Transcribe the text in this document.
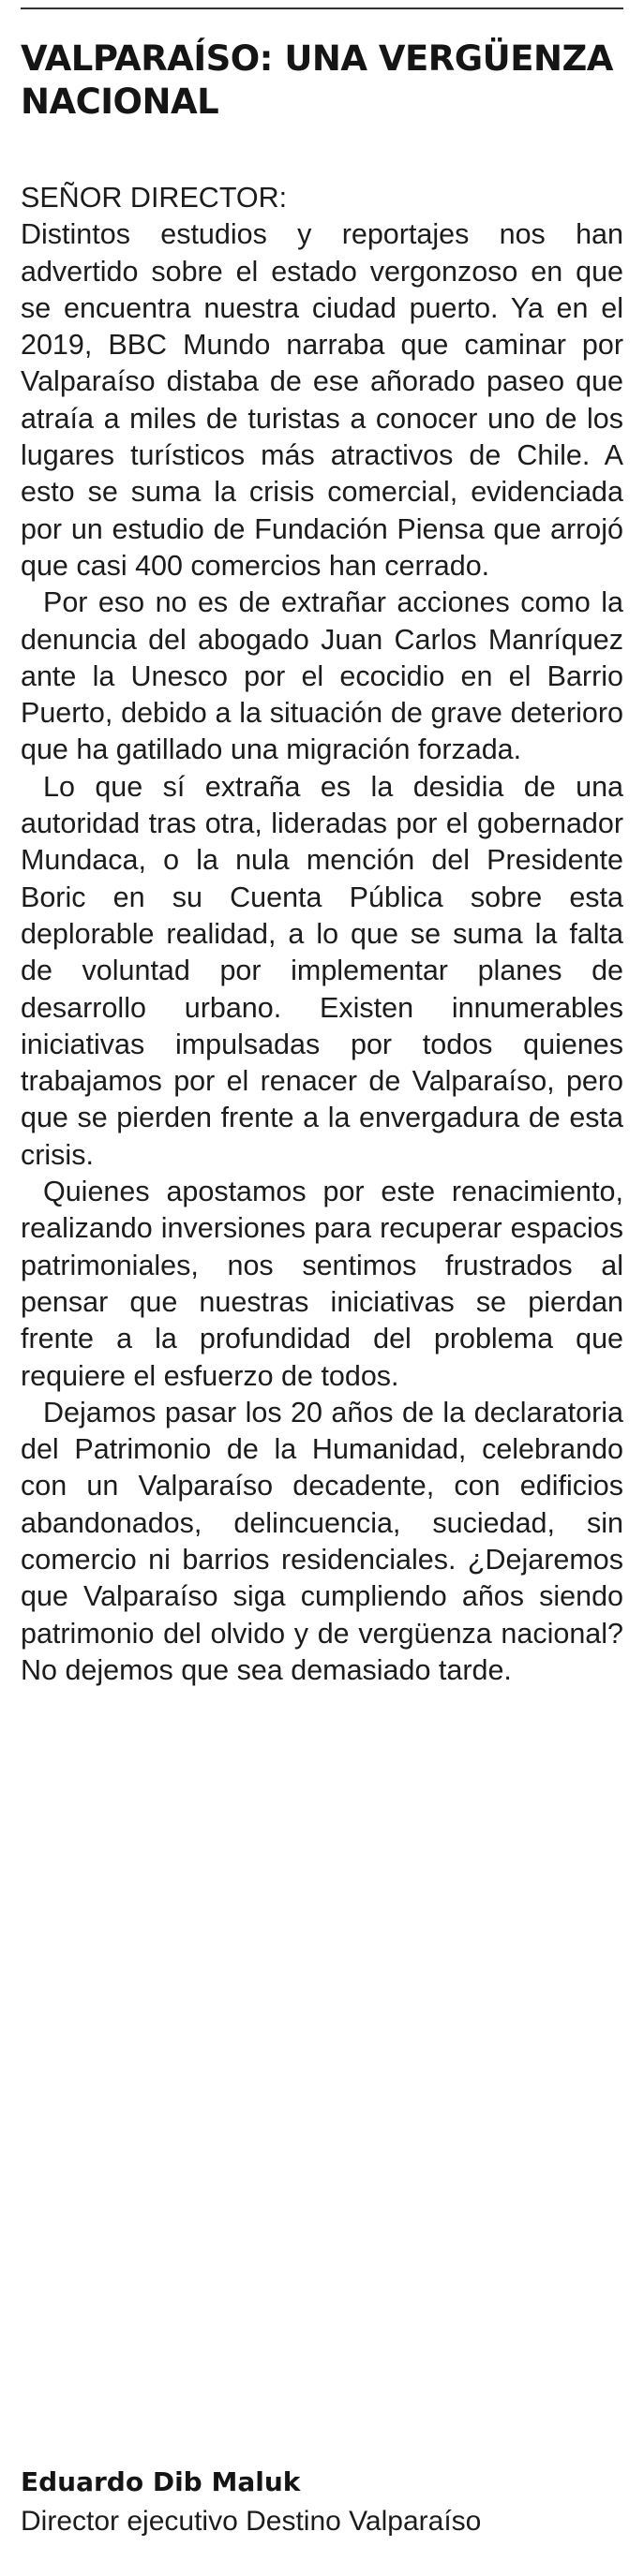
VALPARAÍSO: UNA VERGÜENZA NACIONAL

SEÑOR DIRECTOR:

Distintos estudios y reportajes nos han advertido sobre el estado vergonzoso en que se encuentra nuestra ciudad puerto. Ya en el 2019, BBC Mundo narraba que caminar por Valparaíso distaba de ese añorado paseo que atraía a miles de turistas a conocer uno de los lugares turísticos más atractivos de Chile. A esto se suma la crisis comercial, evidenciada por un estudio de Fundación Piensa que arrojó que casi 400 comercios han cerrado.

Por eso no es de extrañar acciones como la denuncia del abogado Juan Carlos Manríquez ante la Unesco por el ecocidio en el Barrio Puerto, debido a la situación de grave deterioro que ha gatillado una migración forzada.

Lo que sí extraña es la desidia de una autoridad tras otra, lideradas por el gobernador Mundaca, o la nula mención del Presidente Boric en su Cuenta Pública sobre esta deplorable realidad, a lo que se suma la falta de voluntad por implementar planes de desarrollo urbano. Existen innumerables iniciativas impulsadas por todos quienes trabajamos por el renacer de Valparaíso, pero que se pierden frente a la envergadura de esta crisis.

Quienes apostamos por este renacimiento, realizando inversiones para recuperar espacios patrimoniales, nos sentimos frustrados al pensar que nuestras iniciativas se pierdan frente a la profundidad del problema que requiere el esfuerzo de todos.

Dejamos pasar los 20 años de la declaratoria del Patrimonio de la Humanidad, celebrando con un Valparaíso decadente, con edificios abandonados, delincuencia, suciedad, sin comercio ni barrios residenciales. ¿Dejaremos que Valparaíso siga cumpliendo años siendo patrimonio del olvido y de vergüenza nacional? No dejemos que sea demasiado tarde.

Eduardo Dib Maluk

Director ejecutivo Destino Valparaíso
